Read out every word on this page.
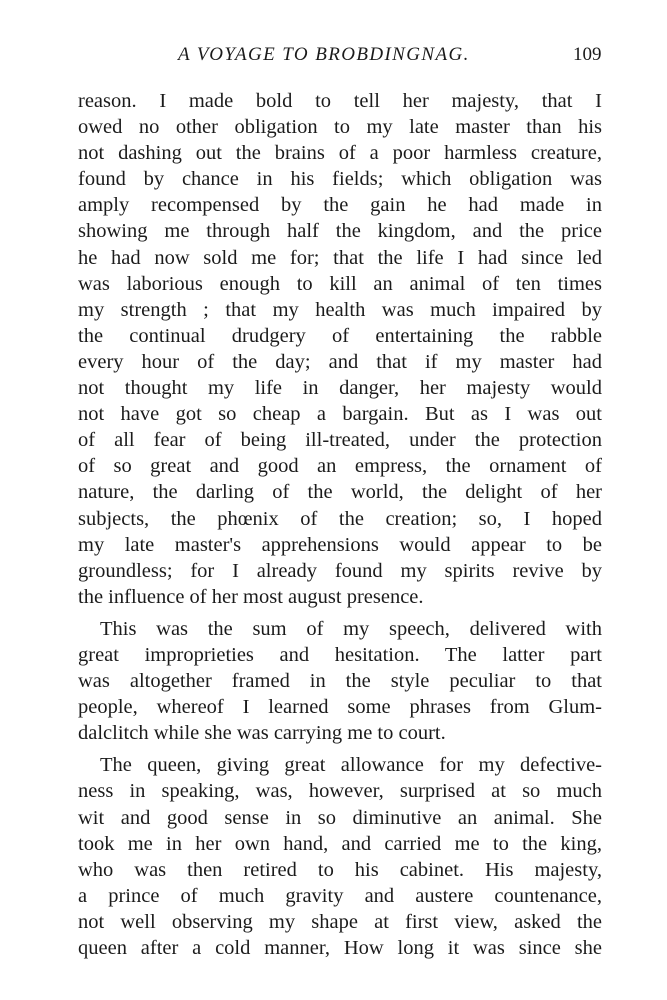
A VOYAGE TO BROBDINGNAG.	109
reason. I made bold to tell her majesty, that I
owed no other obligation to my late master than his
not dashing out the brains of a poor harmless creature,
found by chance in his fields; which obligation was
amply recompensed by the gain he had made in
showing me through half the kingdom, and the price
he had now sold me for; that the life I had since led
was laborious enough to kill an animal of ten times
my strength ; that my health was much impaired by
the continual drudgery of entertaining the rabble
every hour of the day; and that if my master had
not thought my life in danger, her majesty would
not have got so cheap a bargain. But as I was out
of all fear of being ill-treated, under the protection
of so great and good an empress, the ornament of
nature, the darling of the world, the delight of her
subjects, the phœnix of the creation; so, I hoped
my late master's apprehensions would appear to be
groundless; for I already found my spirits revive by
the influence of her most august presence.
This was the sum of my speech, delivered with
great improprieties and hesitation. The latter part
was altogether framed in the style peculiar to that
people, whereof I learned some phrases from Glum-
dalclitch while she was carrying me to court.
The queen, giving great allowance for my defective-
ness in speaking, was, however, surprised at so much
wit and good sense in so diminutive an animal. She
took me in her own hand, and carried me to the king,
who was then retired to his cabinet. His majesty,
a prince of much gravity and austere countenance,
not well observing my shape at first view, asked the
queen after a cold manner, How long it was since she
